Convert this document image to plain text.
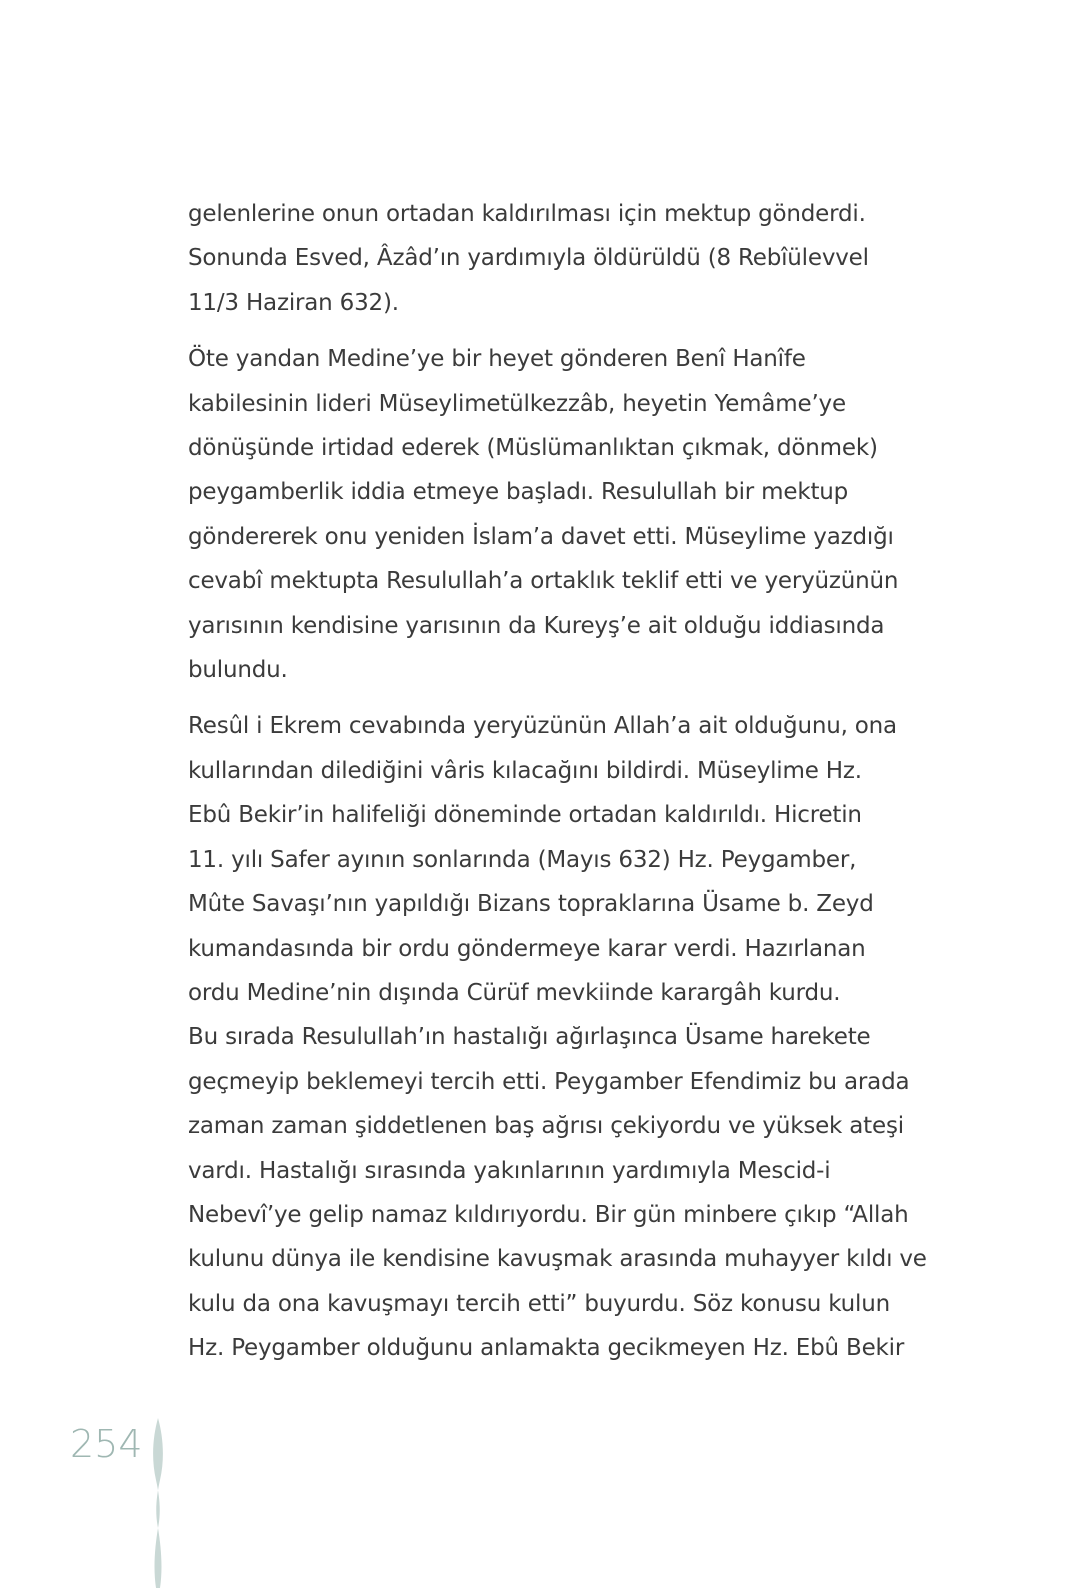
gelenlerine onun ortadan kaldırılması için mektup gönderdi.
Sonunda Esved, Âzâd’ın yardımıyla öldürüldü (8 Rebîülevvel
11/3 Haziran 632).
Öte yandan Medine’ye bir heyet gönderen Benî Hanîfe
kabilesinin lideri Müseylimetülkezzâb, heyetin Yemâme’ye
dönüşünde irtidad ederek (Müslümanlıktan çıkmak, dönmek)
peygamberlik iddia etmeye başladı. Resulullah bir mektup
göndererek onu yeniden İslam’a davet etti. Müseylime yazdığı
cevabî mektupta Resulullah’a ortaklık teklif etti ve yeryüzünün
yarısının kendisine yarısının da Kureyş’e ait olduğu iddiasında
bulundu.
Resûl i Ekrem cevabında yeryüzünün Allah’a ait olduğunu, ona
kullarından dilediğini vâris kılacağını bildirdi. Müseylime Hz.
Ebû Bekir’in halifeliği döneminde ortadan kaldırıldı. Hicretin
11. yılı Safer ayının sonlarında (Mayıs 632) Hz. Peygamber,
Mûte Savaşı’nın yapıldığı Bizans topraklarına Üsame b. Zeyd
kumandasında bir ordu göndermeye karar verdi. Hazırlanan
ordu Medine’nin dışında Cürüf mevkiinde karargâh kurdu.
Bu sırada Resulullah’ın hastalığı ağırlaşınca Üsame harekete
geçmeyip beklemeyi tercih etti. Peygamber Efendimiz bu arada
zaman zaman şiddetlenen baş ağrısı çekiyordu ve yüksek ateşi
vardı. Hastalığı sırasında yakınlarının yardımıyla Mescid-i
Nebevî’ye gelip namaz kıldırıyordu. Bir gün minbere çıkıp “Allah
kulunu dünya ile kendisine kavuşmak arasında muhayyer kıldı ve
kulu da ona kavuşmayı tercih etti” buyurdu. Söz konusu kulun
Hz. Peygamber olduğunu anlamakta gecikmeyen Hz. Ebû Bekir
254
